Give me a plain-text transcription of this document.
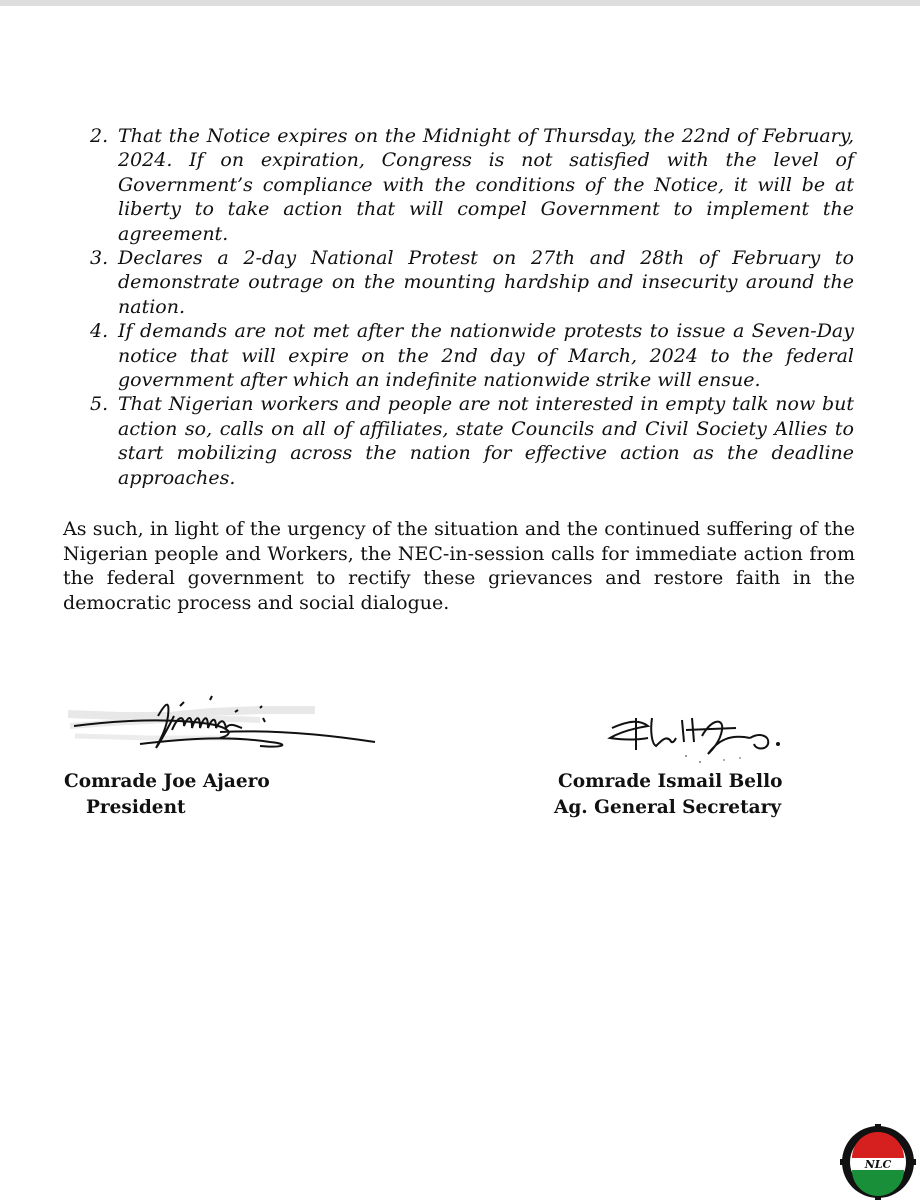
2. That the Notice expires on the Midnight of Thursday, the 22nd of February, 2024. If on expiration, Congress is not satisfied with the level of Government’s compliance with the conditions of the Notice, it will be at liberty to take action that will compel Government to implement the agreement.
3. Declares a 2-day National Protest on 27th and 28th of February to demonstrate outrage on the mounting hardship and insecurity around the nation.
4. If demands are not met after the nationwide protests to issue a Seven-Day notice that will expire on the 2nd day of March, 2024 to the federal government after which an indefinite nationwide strike will ensue.
5. That Nigerian workers and people are not interested in empty talk now but action so, calls on all of affiliates, state Councils and Civil Society Allies to start mobilizing across the nation for effective action as the deadline approaches.

As such, in light of the urgency of the situation and the continued suffering of the Nigerian people and Workers, the NEC-in-session calls for immediate action from the federal government to rectify these grievances and restore faith in the democratic process and social dialogue.

Comrade Joe Ajaero
President
Comrade Ismail Bello
Ag. General Secretary
NLC
